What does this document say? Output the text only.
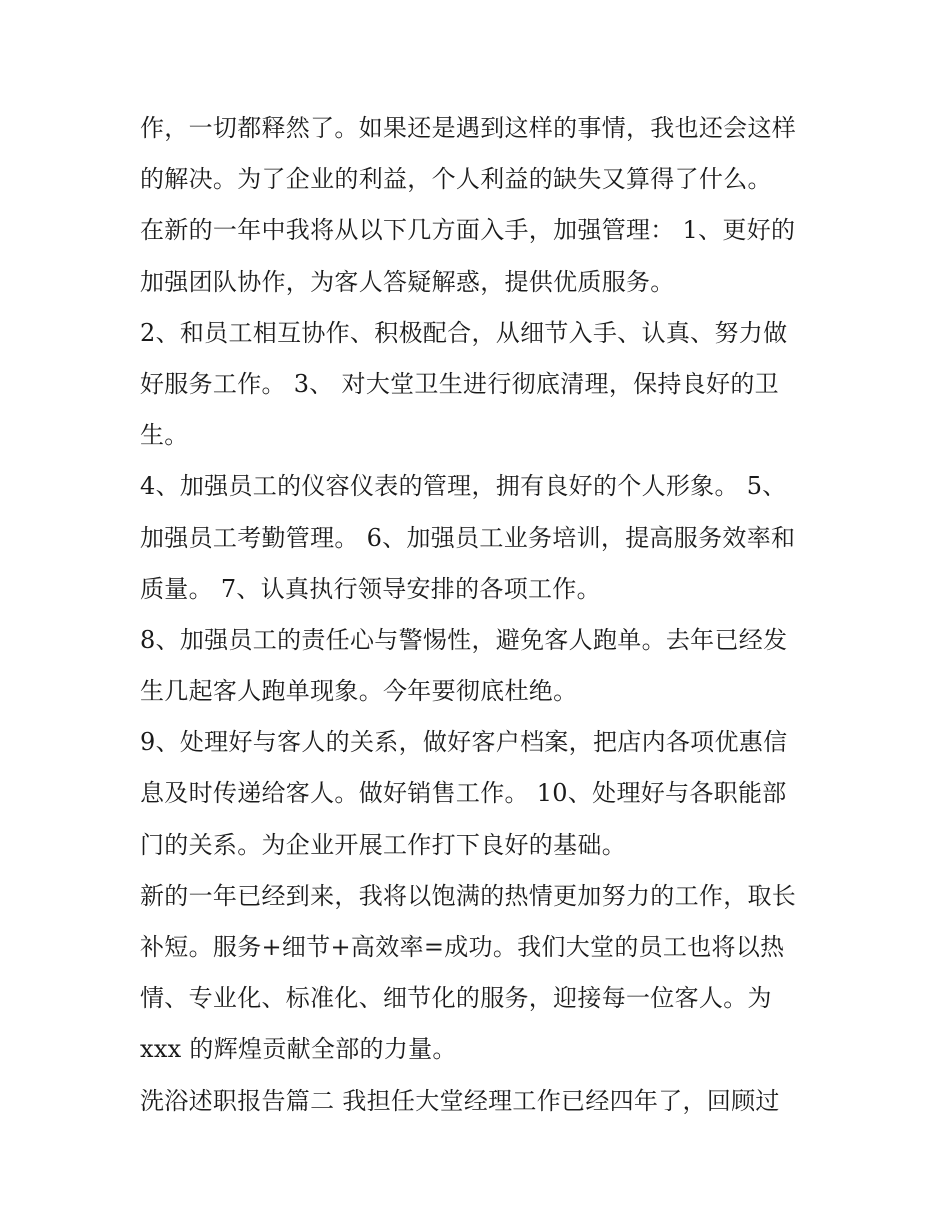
作，一切都释然了。如果还是遇到这样的事情，我也还会这样
的解决。为了企业的利益，个人利益的缺失又算得了什么。
在新的一年中我将从以下几方面入手，加强管理： 1、更好的
加强团队协作，为客人答疑解惑，提供优质服务。
2、和员工相互协作、积极配合，从细节入手、认真、努力做
好服务工作。 3、 对大堂卫生进行彻底清理，保持良好的卫
生。
4、加强员工的仪容仪表的管理，拥有良好的个人形象。 5、
加强员工考勤管理。 6、加强员工业务培训，提高服务效率和
质量。 7、认真执行领导安排的各项工作。
8、加强员工的责任心与警惕性，避免客人跑单。去年已经发
生几起客人跑单现象。今年要彻底杜绝。
9、处理好与客人的关系，做好客户档案，把店内各项优惠信
息及时传递给客人。做好销售工作。 10、处理好与各职能部
门的关系。为企业开展工作打下良好的基础。
新的一年已经到来，我将以饱满的热情更加努力的工作，取长
补短。服务+细节+高效率=成功。我们大堂的员工也将以热
情、专业化、标准化、细节化的服务，迎接每一位客人。为
xxx 的辉煌贡献全部的力量。
洗浴述职报告篇二 我担任大堂经理工作已经四年了，回顾过
